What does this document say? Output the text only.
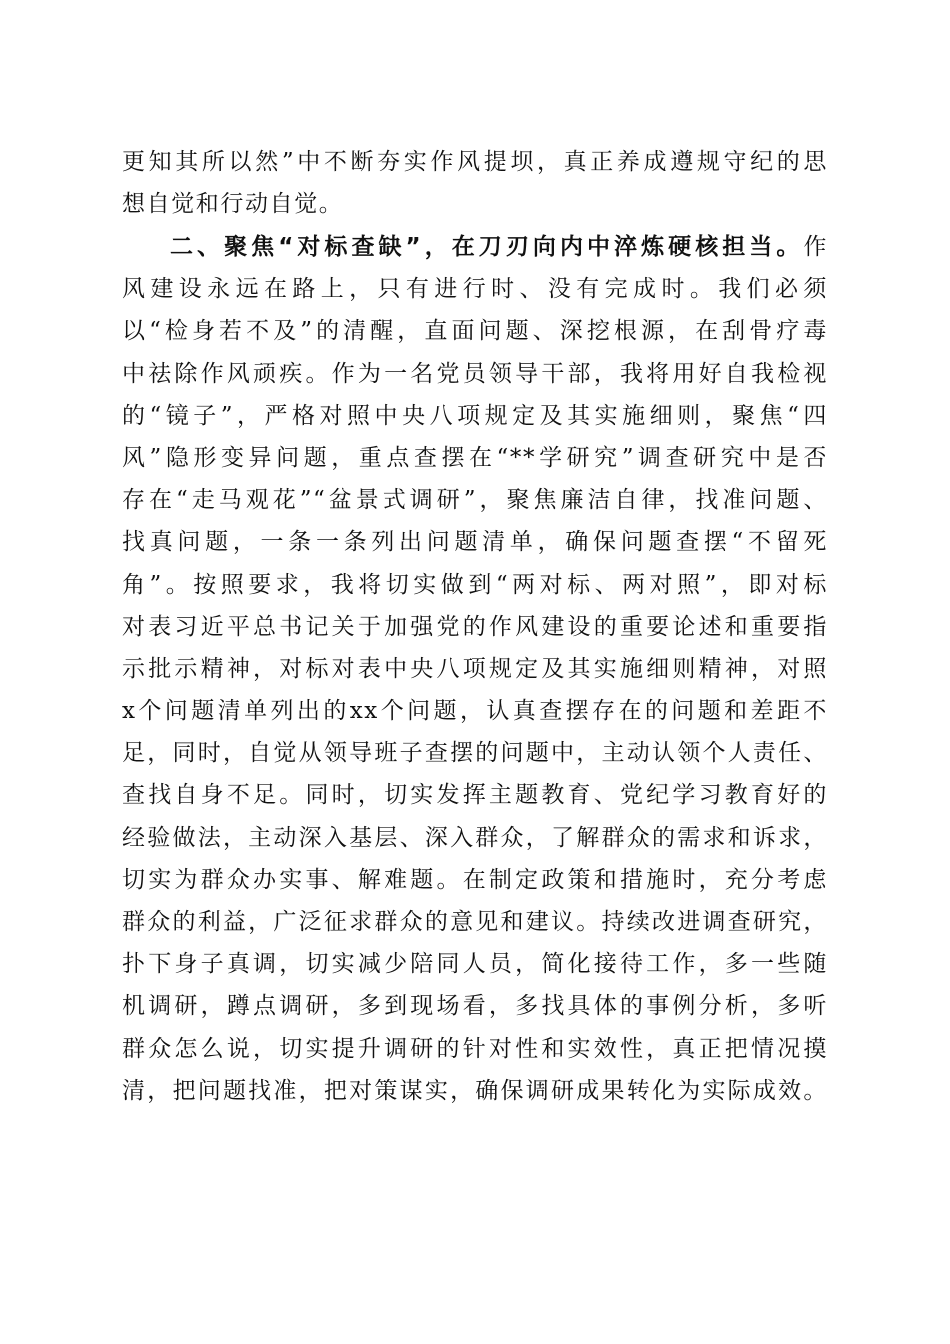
更知其所以然”中不断夯实作风提坝，真正养成遵规守纪的思
想自觉和行动自觉。
二、聚焦“对标查缺”，在刀刃向内中淬炼硬核担当。作
风建设永远在路上，只有进行时、没有完成时。我们必须
以“检身若不及”的清醒，直面问题、深挖根源，在刮骨疗毒
中祛除作风顽疾。作为一名党员领导干部，我将用好自我检视
的“镜子”，严格对照中央八项规定及其实施细则，聚焦“四
风”隐形变异问题，重点查摆在“**学研究”调查研究中是否
存在“走马观花”“盆景式调研”，聚焦廉洁自律，找准问题、
找真问题，一条一条列出问题清单，确保问题查摆“不留死
角”。按照要求，我将切实做到“两对标、两对照”，即对标
对表习近平总书记关于加强党的作风建设的重要论述和重要指
示批示精神，对标对表中央八项规定及其实施细则精神，对照
x个问题清单列出的xx个问题，认真查摆存在的问题和差距不
足，同时，自觉从领导班子查摆的问题中，主动认领个人责任、
查找自身不足。同时，切实发挥主题教育、党纪学习教育好的
经验做法，主动深入基层、深入群众，了解群众的需求和诉求，
切实为群众办实事、解难题。在制定政策和措施时，充分考虑
群众的利益，广泛征求群众的意见和建议。持续改进调查研究，
扑下身子真调，切实减少陪同人员，简化接待工作，多一些随
机调研，蹲点调研，多到现场看，多找具体的事例分析，多听
群众怎么说，切实提升调研的针对性和实效性，真正把情况摸
清，把问题找准，把对策谋实，确保调研成果转化为实际成效。
